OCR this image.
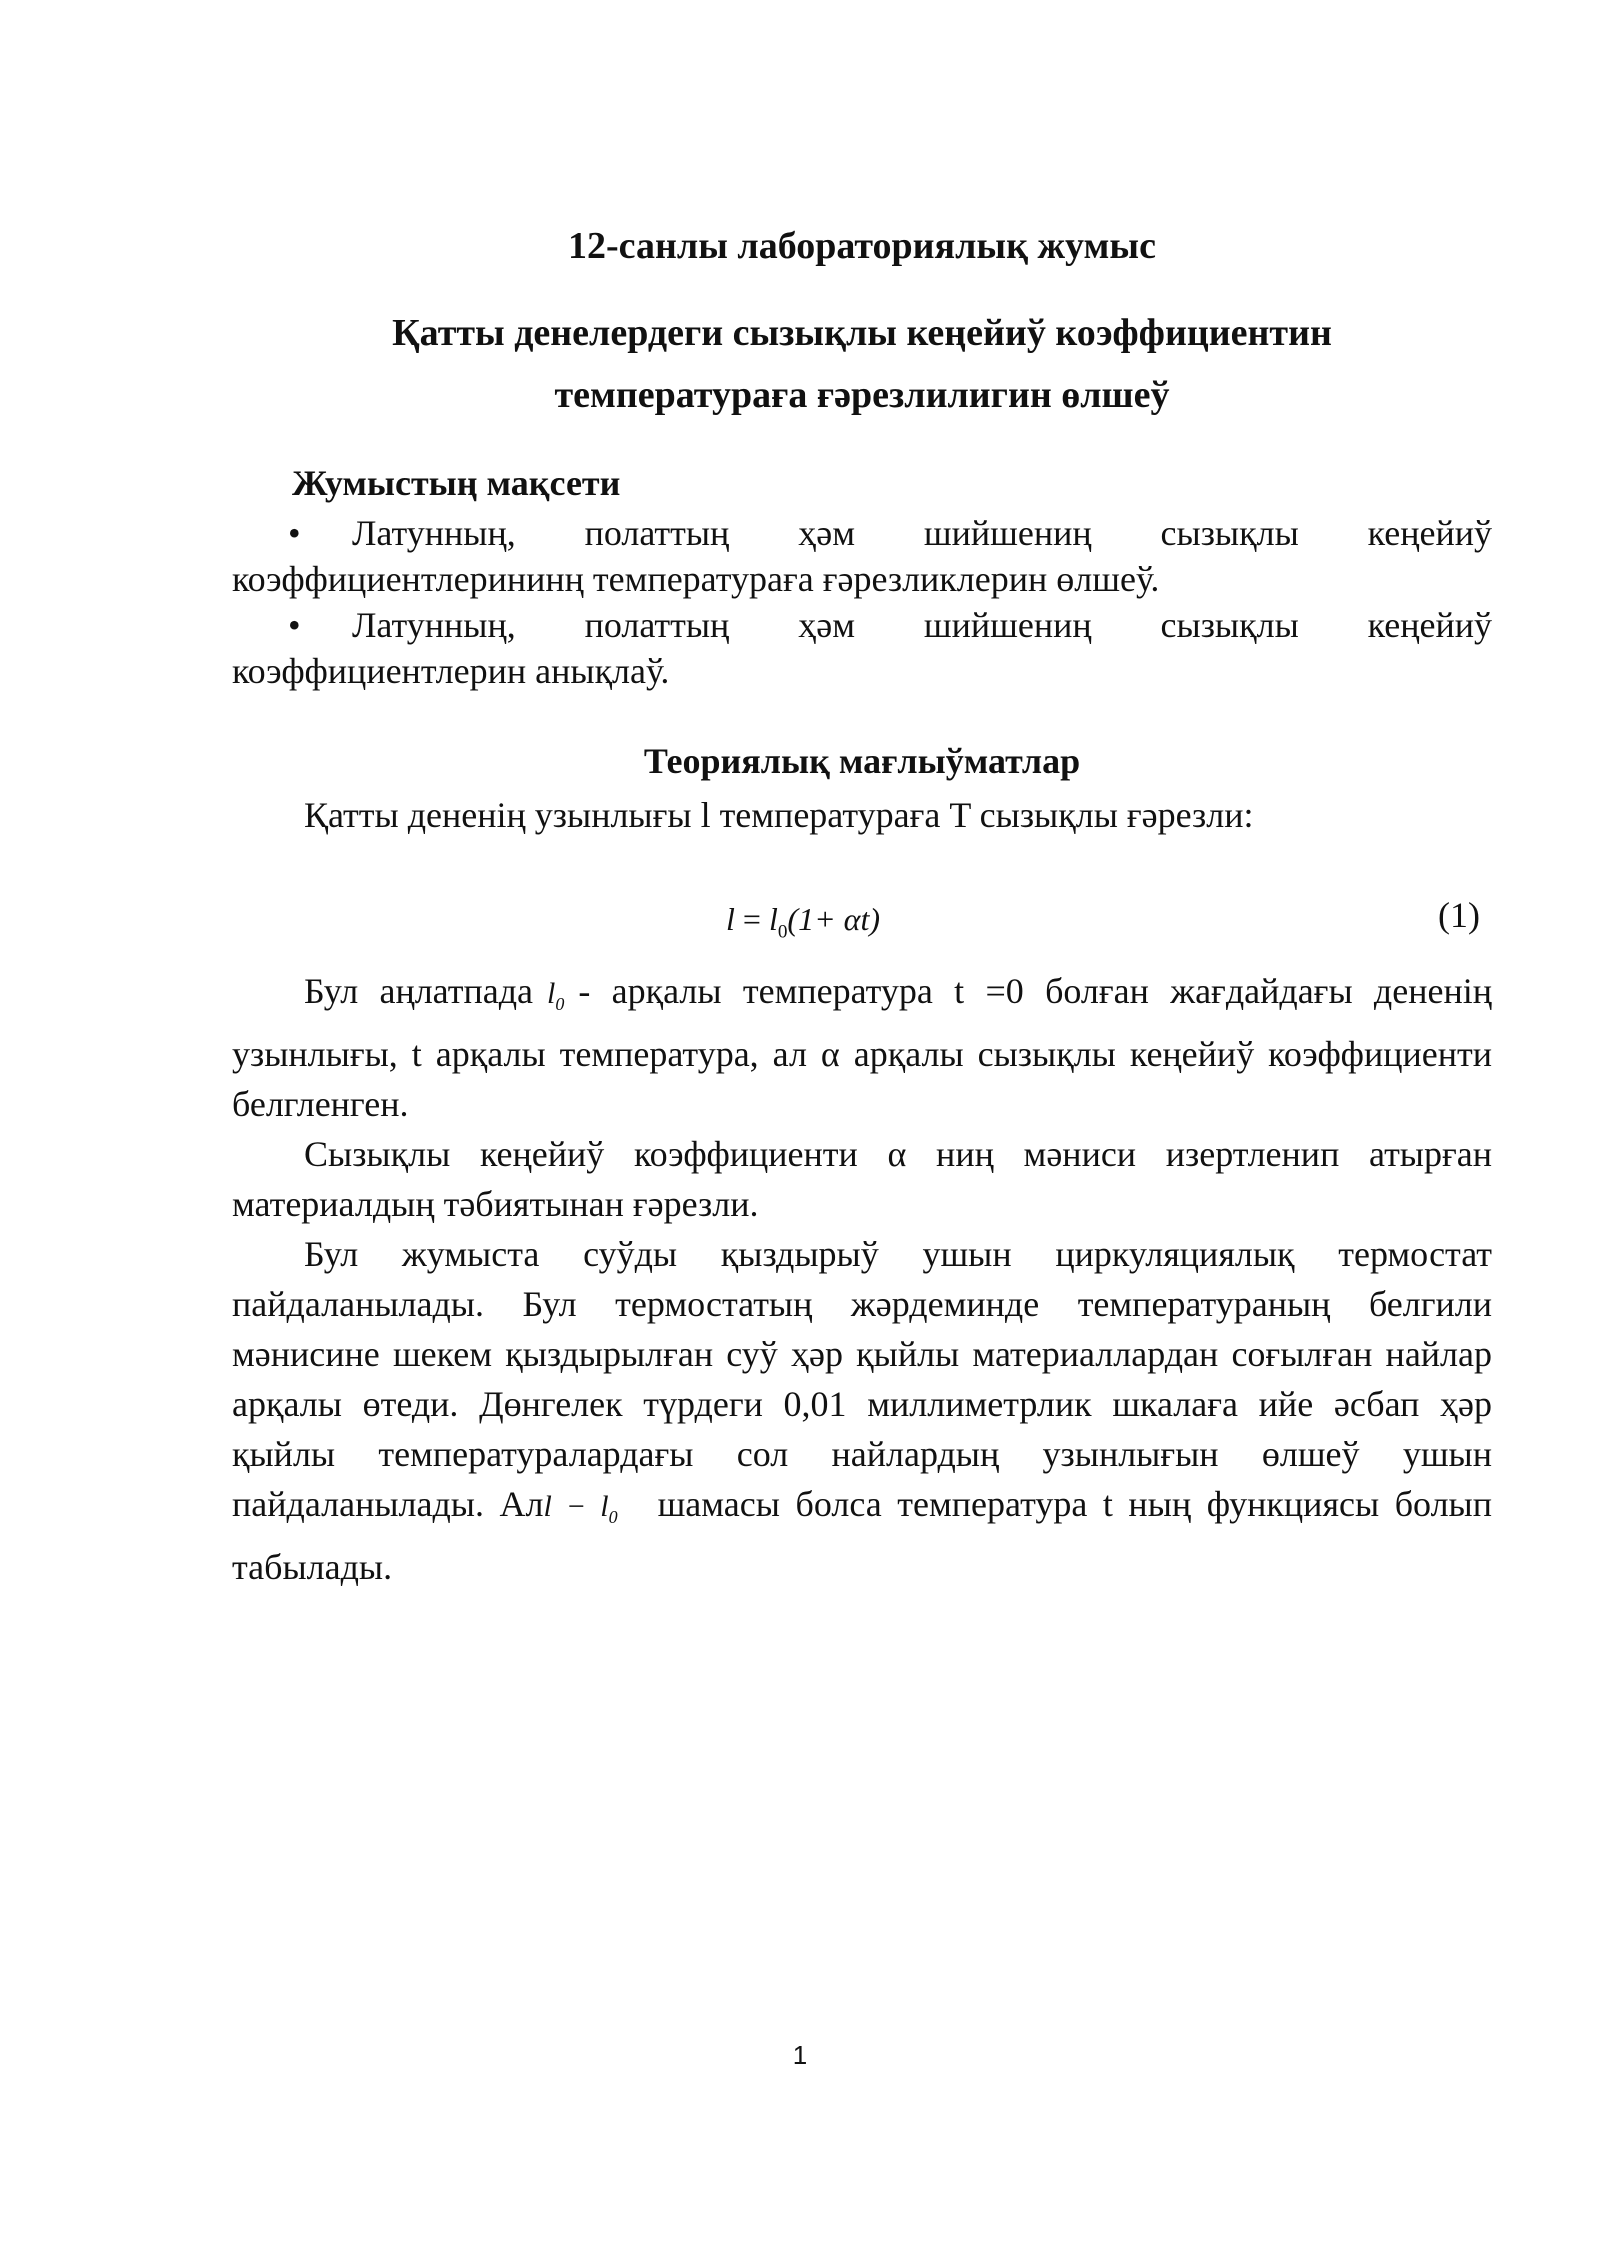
12-санлы лабораториялық жумыс
Қатты денелердеги сызықлы кеңейиў коэффициентин
температураға ғәрезлилигин өлшеў
Жумыстың мақсети

• Латунның, полаттың ҳәм шийшениң сызықлы кеңейиў коэффициентлерининң температураға ғәрезликлерин өлшеў.

• Латунның, полаттың ҳәм шийшениң сызықлы кеңейиў коэффициентлерин анықлаў.

Теориялық мағлыўматлар

Қатты дененің узынлығы l температураға T сызықлы ғәрезли:

$l = l_0(1+ \alpha t)$	(1)

Бул аңлатпада $l_0$ - арқалы температура t =0 болған жағдайдағы дененің узынлығы, t арқалы температура, ал α арқалы сызықлы кеңейиў коэффициенти белгленген.

Сызықлы кеңейиў коэффициенти α ниң мәниси изертленип атырған материалдың тәбиятынан ғәрезли.

Бул жумыста суўды қыздырыў ушын циркуляциялық термостат пайдаланылады. Бул термостатың жәрдеминде температураның белгили мәнисине шекем қыздырылған суў ҳәр қыйлы материаллардан соғылған найлар арқалы өтеди. Дөнгелек түрдеги 0,01 миллиметрлик шкалаға ийе әсбап ҳәр қыйлы температуралардағы сол найлардың узынлығын өлшеў ушын пайдаланылады. Алl − $l_0$ шамасы болса температура t ның функциясы болып табылады.

1
